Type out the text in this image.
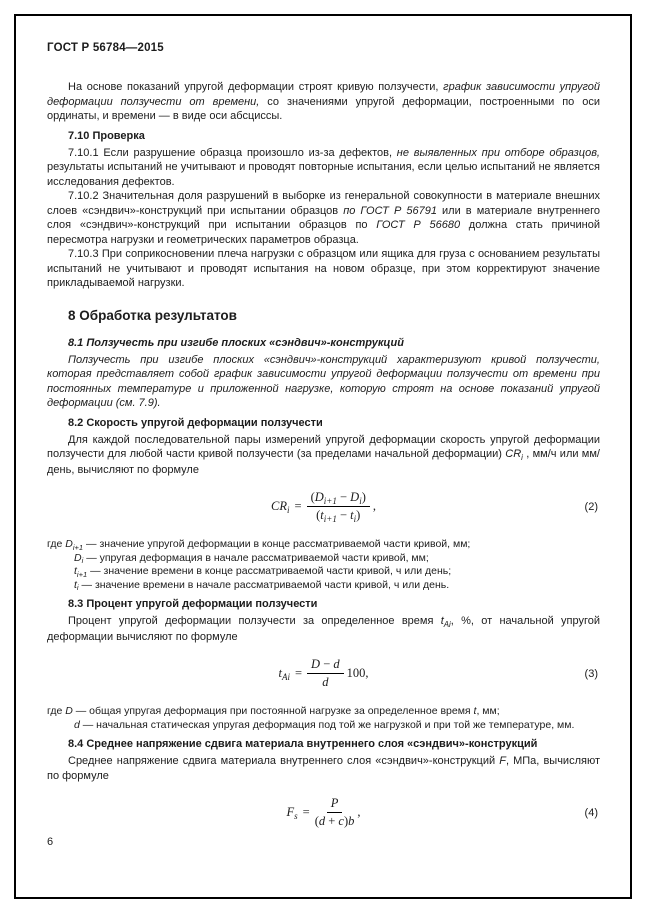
ГОСТ Р 56784—2015

На основе показаний упругой деформации строят кривую ползучести, график зависимости упругой деформации ползучести от времени, со значениями упругой деформации, построенными по оси ординаты, и времени — в виде оси абсциссы.

7.10 Проверка

7.10.1 Если разрушение образца произошло из-за дефектов, не выявленных при отборе образцов, результаты испытаний не учитывают и проводят повторные испытания, если целью испытаний не является исследования дефектов.

7.10.2 Значительная доля разрушений в выборке из генеральной совокупности в материале внешних слоев «сэндвич»-конструкций при испытании образцов по ГОСТ Р 56791 или в материале внутреннего слоя «сэндвич»-конструкций при испытании образцов по ГОСТ Р 56680 должна стать причиной пересмотра нагрузки и геометрических параметров образца.

7.10.3 При соприкосновении плеча нагрузки с образцом или ящика для груза с основанием результаты испытаний не учитывают и проводят испытания на новом образце, при этом корректируют значение прикладываемой нагрузки.

8 Обработка результатов
8.1 Ползучесть при изгибе плоских «сэндвич»-конструкций

Ползучесть при изгибе плоских «сэндвич»-конструкций характеризуют кривой ползучести, которая представляет собой график зависимости упругой деформации ползучести от времени при постоянных температуре и приложенной нагрузке, которую строят на основе показаний упругой деформации (см. 7.9).

8.2 Скорость упругой деформации ползучести

Для каждой последовательной пары измерений упругой деформации скорость упругой деформации ползучести для любой части кривой ползучести (за пределами начальной деформации) $CR_i$ , мм/ч или мм/день, вычисляют по формуле

$CR_i = \frac{(D_{i+1} - D_i)}{(t_{i+1} - t_i)}$ ,	(2)
где $D_{i+1}$ — значение упругой деформации в конце рассматриваемой части кривой, мм;
$D_i$ — упругая деформация в начале рассматриваемой части кривой, мм;
$t_{i+1}$ — значение времени в конце рассматриваемой части кривой, ч или день;
$t_i$ — значение времени в начале рассматриваемой части кривой, ч или день.
8.3 Процент упругой деформации ползучести

Процент упругой деформации ползучести за определенное время $t_{Ai}$, %, от начальной упругой деформации вычисляют по формуле

$t_{Ai} = \frac{D - d}{d} 100$,	(3)
где D — общая упругая деформация при постоянной нагрузке за определенное время t, мм;
d — начальная статическая упругая деформация под той же нагрузкой и при той же температуре, мм.
8.4 Среднее напряжение сдвига материала внутреннего слоя «сэндвич»-конструкций

Среднее напряжение сдвига материала внутреннего слоя «сэндвич»-конструкций F, МПа, вычисляют по формуле

$F_s = \frac{P}{(d + c)b}$ ,	(4)
6
